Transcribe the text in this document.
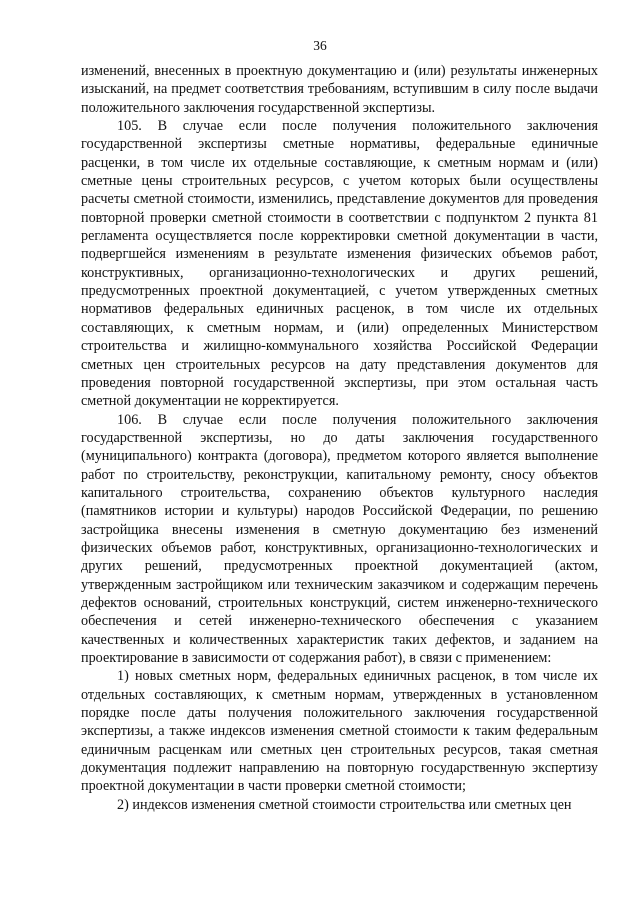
36

изменений, внесенных в проектную документацию и (или) результаты инженерных изысканий, на предмет соответствия требованиям, вступившим в силу после выдачи положительного заключения государственной экспертизы.

105. В случае если после получения положительного заключения государственной экспертизы сметные нормативы, федеральные единичные расценки, в том числе их отдельные составляющие, к сметным нормам и (или) сметные цены строительных ресурсов, с учетом которых были осуществлены расчеты сметной стоимости, изменились, представление документов для проведения повторной проверки сметной стоимости в соответствии с подпунктом 2 пункта 81 регламента осуществляется после корректировки сметной документации в части, подвергшейся изменениям в результате изменения физических объемов работ, конструктивных, организационно-технологических и других решений, предусмотренных проектной документацией, с учетом утвержденных сметных нормативов федеральных единичных расценок, в том числе их отдельных составляющих, к сметным нормам, и (или) определенных Министерством строительства и жилищно-коммунального хозяйства Российской Федерации сметных цен строительных ресурсов на дату представления документов для проведения повторной государственной экспертизы, при этом остальная часть сметной документации не корректируется.

106. В случае если после получения положительного заключения государственной экспертизы, но до даты заключения государственного (муниципального) контракта (договора), предметом которого является выполнение работ по строительству, реконструкции, капитальному ремонту, сносу объектов капитального строительства, сохранению объектов культурного наследия (памятников истории и культуры) народов Российской Федерации, по решению застройщика внесены изменения в сметную документацию без изменений физических объемов работ, конструктивных, организационно-технологических и других решений, предусмотренных проектной документацией (актом, утвержденным застройщиком или техническим заказчиком и содержащим перечень дефектов оснований, строительных конструкций, систем инженерно-технического обеспечения и сетей инженерно-технического обеспечения с указанием качественных и количественных характеристик таких дефектов, и заданием на проектирование в зависимости от содержания работ), в связи с применением:

1) новых сметных норм, федеральных единичных расценок, в том числе их отдельных составляющих, к сметным нормам, утвержденных в установленном порядке после даты получения положительного заключения государственной экспертизы, а также индексов изменения сметной стоимости к таким федеральным единичным расценкам или сметных цен строительных ресурсов, такая сметная документация подлежит направлению на повторную государственную экспертизу проектной документации в части проверки сметной стоимости;

2) индексов изменения сметной стоимости строительства или сметных цен
